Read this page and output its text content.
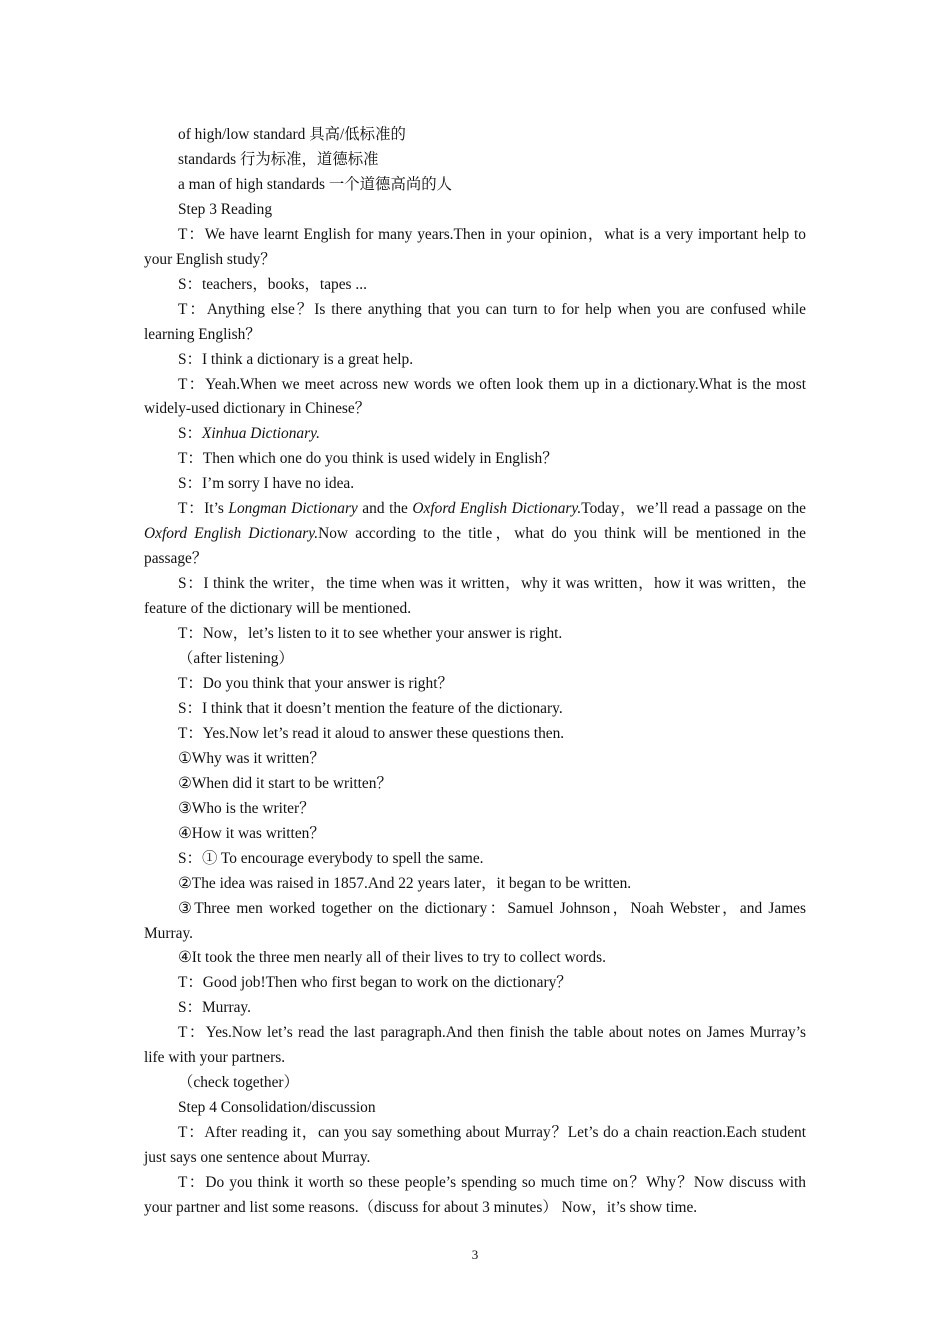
of high/low standard 具高/低标准的

standards 行为标准，道德标准

a man of high standards 一个道德高尚的人

Step 3 Reading

T：We have learnt English for many years.Then in your opinion，what is a very important help to your English study？

S：teachers，books，tapes ...

T：Anything else？Is there anything that you can turn to for help when you are confused while learning English？

S：I think a dictionary is a great help.

T：Yeah.When we meet across new words we often look them up in a dictionary.What is the most widely-used dictionary in Chinese？

S：Xinhua Dictionary.

T：Then which one do you think is used widely in English？

S：I’m sorry I have no idea.

T：It’s Longman Dictionary and the Oxford English Dictionary.Today，we’ll read a passage on the Oxford English Dictionary.Now according to the title，what do you think will be mentioned in the passage？

S：I think the writer，the time when was it written，why it was written，how it was written，the feature of the dictionary will be mentioned.

T：Now，let’s listen to it to see whether your answer is right.

（after listening）

T：Do you think that your answer is right？

S：I think that it doesn’t mention the feature of the dictionary.

T：Yes.Now let’s read it aloud to answer these questions then.

①Why was it written？

②When did it start to be written？

③Who is the writer？

④How it was written？

S：① To encourage everybody to spell the same.

②The idea was raised in 1857.And 22 years later，it began to be written.

③Three men worked together on the dictionary：Samuel Johnson，Noah Webster，and James Murray.

④It took the three men nearly all of their lives to try to collect words.

T：Good job!Then who first began to work on the dictionary？

S：Murray.

T：Yes.Now let’s read the last paragraph.And then finish the table about notes on James Murray’s life with your partners.

（check together）

Step 4 Consolidation/discussion

T：After reading it，can you say something about Murray？Let’s do a chain reaction.Each student just says one sentence about Murray.

T：Do you think it worth so these people’s spending so much time on？Why？Now discuss with your partner and list some reasons.（discuss for about 3 minutes） Now，it’s show time.

3
